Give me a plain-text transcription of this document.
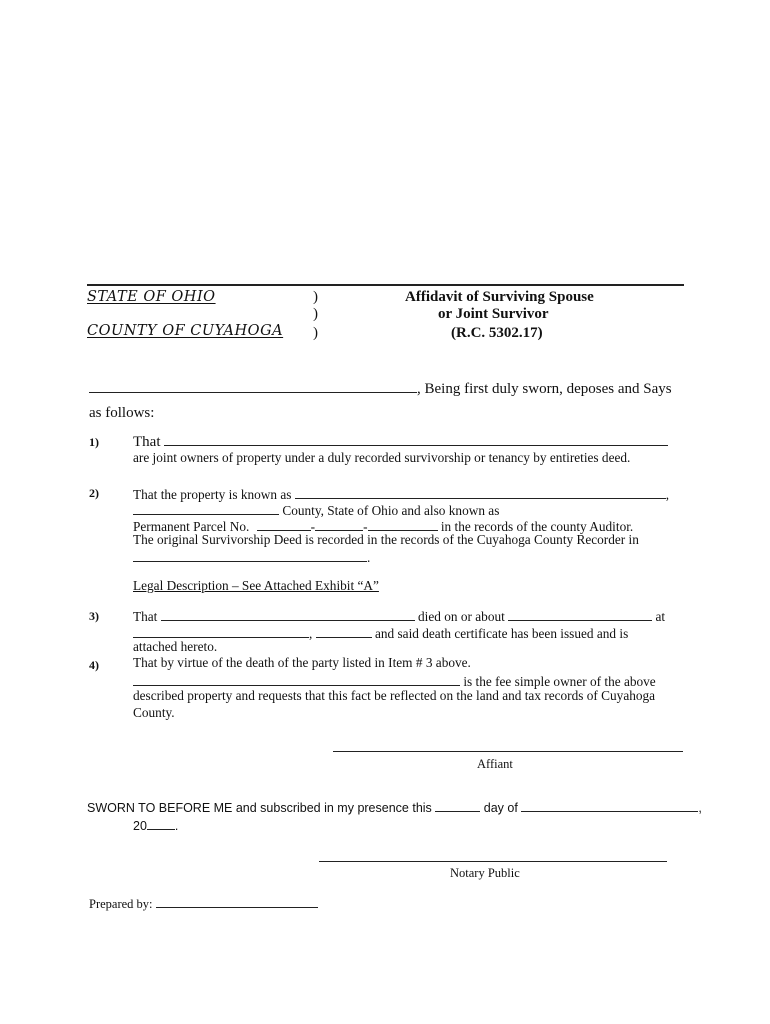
STATE OF OHIO
COUNTY OF CUYAHOGA
)
)
)
Affidavit of Surviving Spouse
or Joint Survivor
(R.C. 5302.17)
, Being first duly sworn, deposes and Says
as follows:
1) That
are joint owners of property under a duly recorded survivorship or tenancy by entireties deed.
2)	That the property is known as	,
County, State of Ohio and also known as
Permanent Parcel No.	-	-	in the records of the county Auditor.
The original Survivorship Deed is recorded in the records of the Cuyahoga County Recorder in
.
Legal Description – See Attached Exhibit “A”
3)	That	died on or about	at
,	and said death certificate has been issued and is
attached hereto.
4)	That by virtue of the death of the party listed in Item # 3 above.
is the fee simple owner of the above
described property and requests that this fact be reflected on the land and tax records of Cuyahoga
County.
Affiant
SWORN TO BEFORE ME and subscribed in my presence this	day of	,
20 .
Notary Public
Prepared by:
